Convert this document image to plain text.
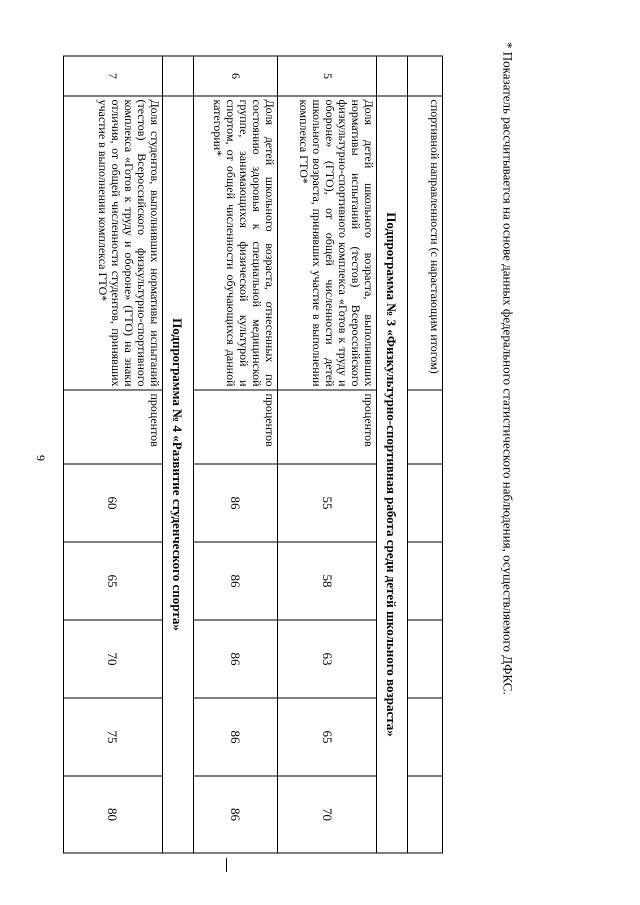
9
	спортивной направленности (с нарастающим итогом)						
	Подпрограмма № 3 «Физкультурно-спортивная работа среди детей школьного возраста»						
5	Доля детей школьного возраста, выполнивших нормативы испытаний (тестов) Всероссийского физкультурно-спортивного комплекса «Готов к труду и обороне» (ГТО), от общей численности детей школьного возраста, принявших участие в выполнении комплекса ГТО*	процентов	55	58	63	65	70
6	Доля детей школьного возраста, отнесенных по состоянию здоровья к специальной медицинской группе, занимающихся физической культурой и спортом, от общей численности обучающихся данной категории*	процентов	86	86	86	86	86
	Подпрограмма № 4 «Развитие студенческого спорта»						
7	Доля студентов, выполнивших нормативы испытаний (тестов) Всероссийского физкультурно-спортивного комплекса «Готов к труду и обороне» (ГТО) на знаки отличия, от общей численности студентов, принявших участие в выполнении комплекса ГТО*	процентов	60	65	70	75	80
* Показатель рассчитывается на основе данных федерального статистического наблюдения, осуществляемого ДФКС.
